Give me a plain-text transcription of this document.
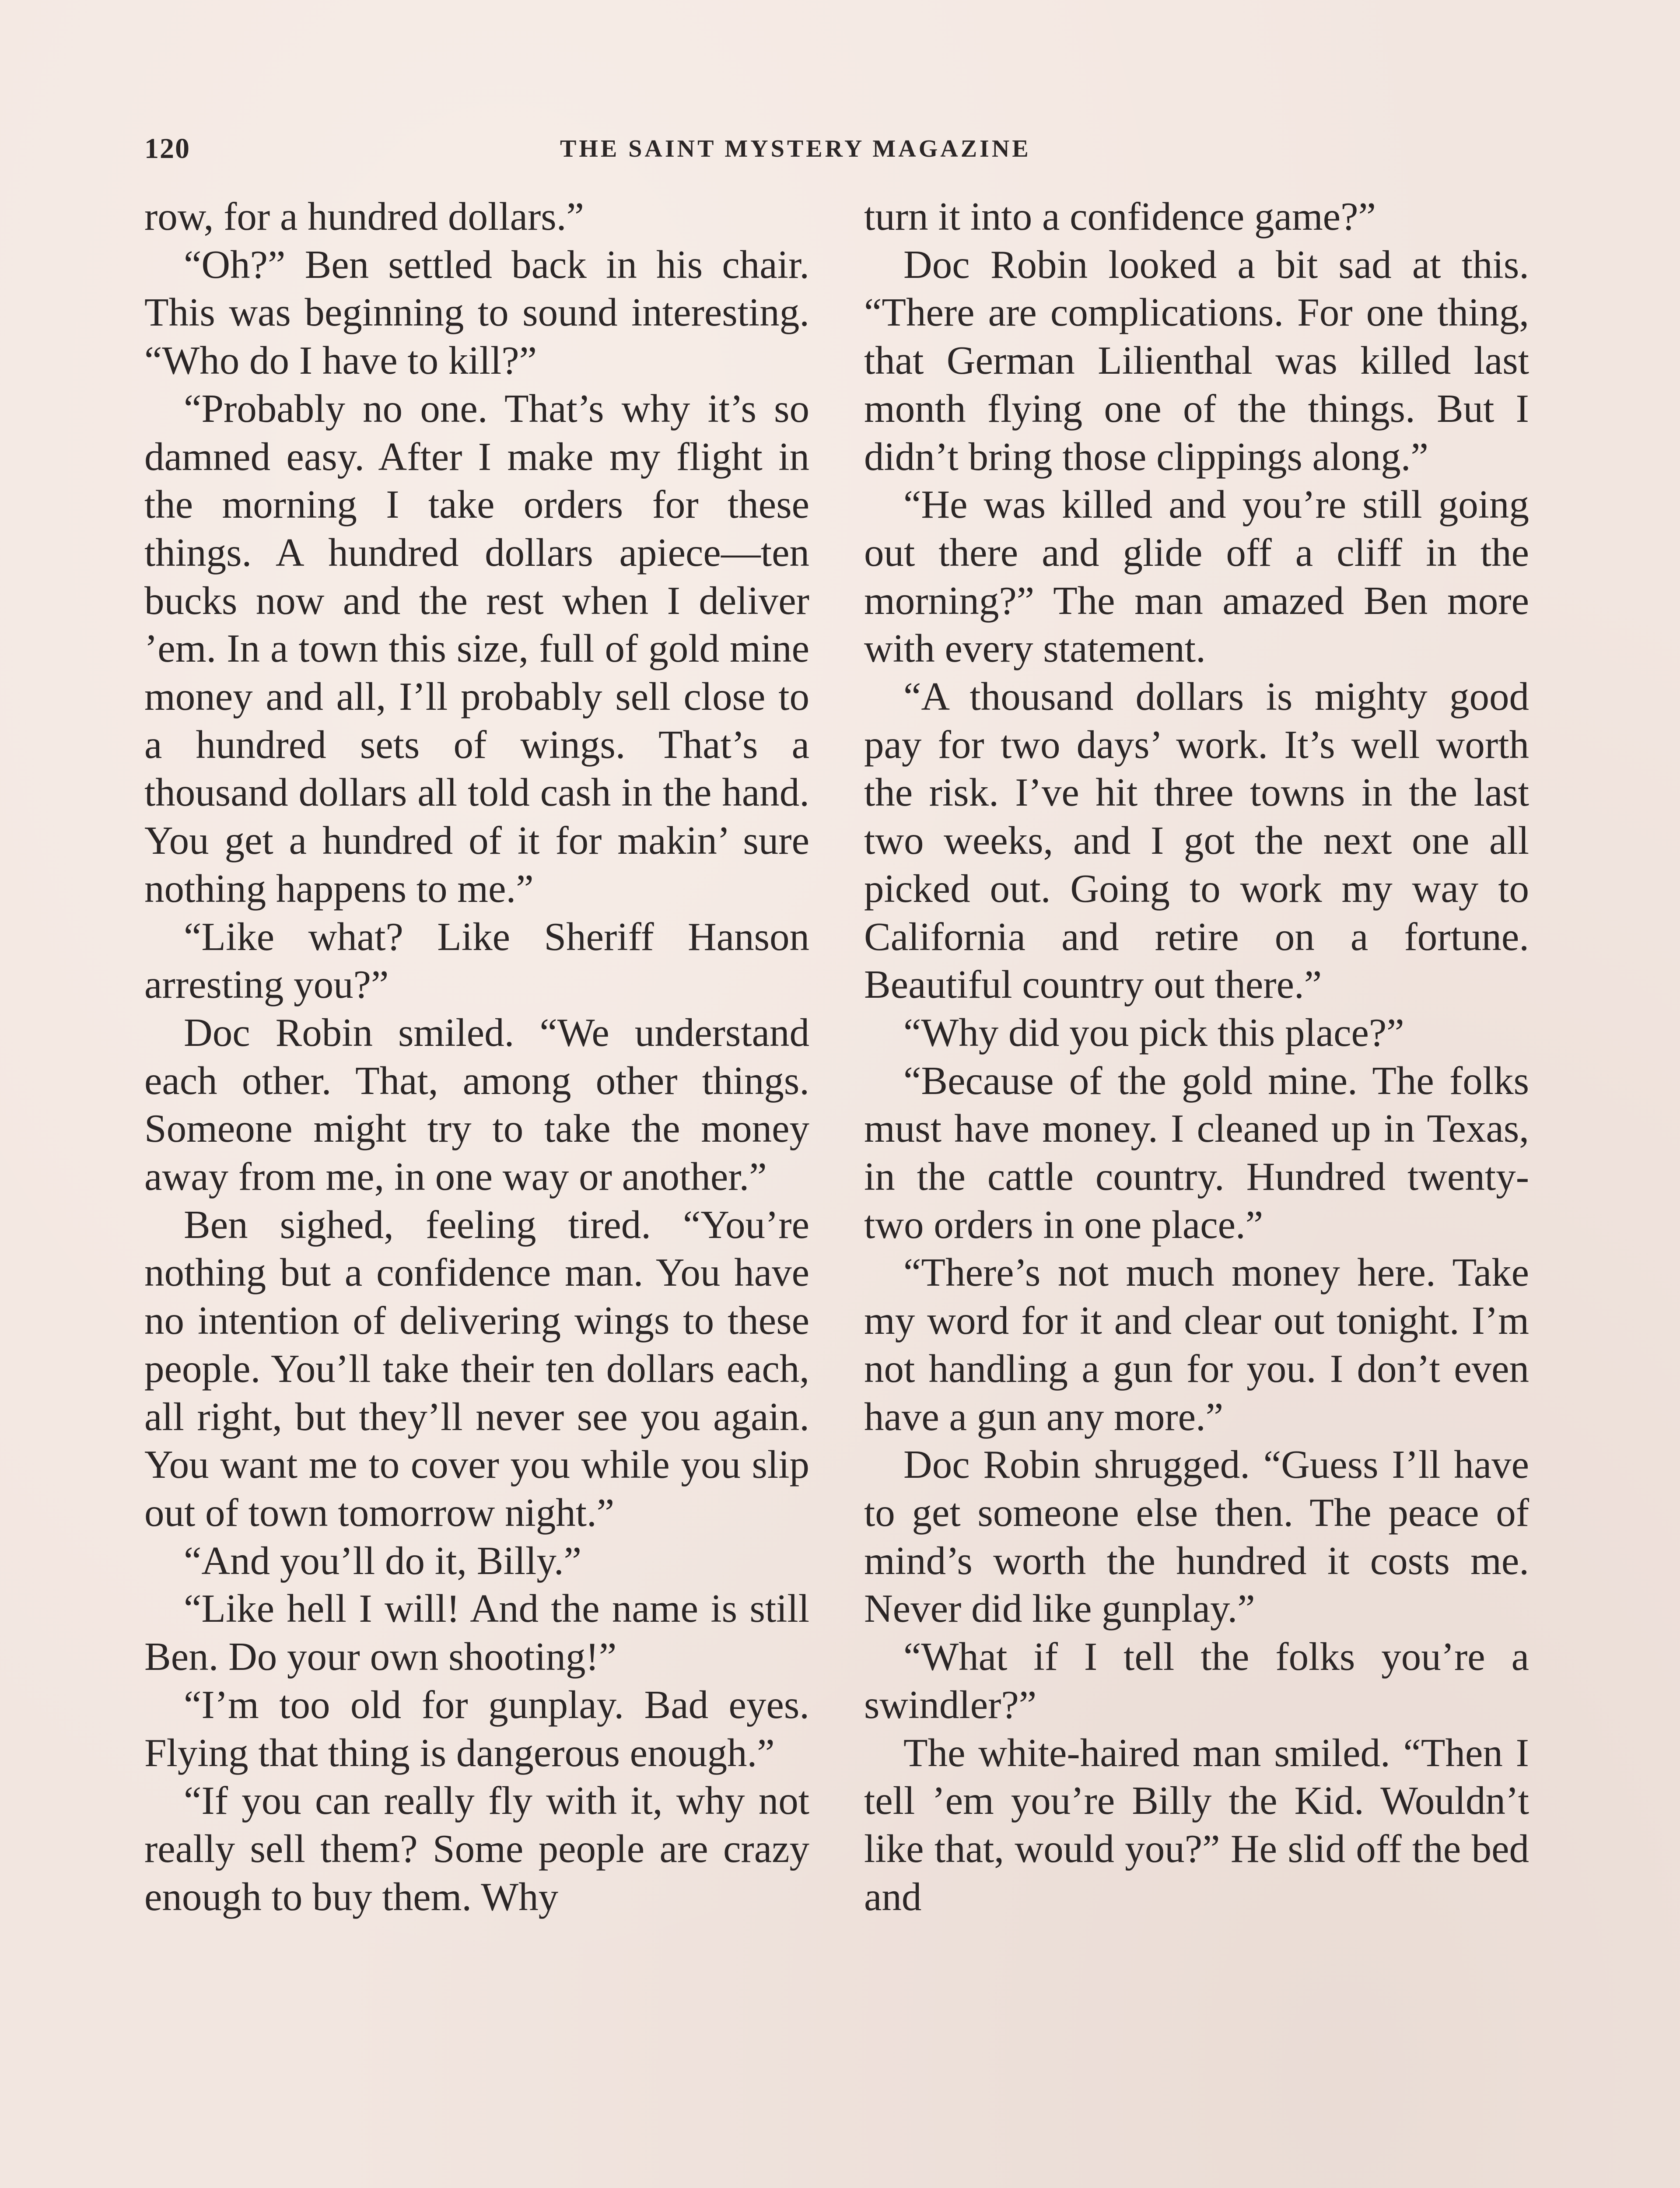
120	THE SAINT MYSTERY MAGAZINE

row, for a hundred dollars.”

“Oh?” Ben settled back in his chair. This was beginning to sound interesting. “Who do I have to kill?”

“Probably no one. That’s why it’s so damned easy. After I make my flight in the morning I take orders for these things. A hundred dollars apiece—ten bucks now and the rest when I deliver ’em. In a town this size, full of gold mine money and all, I’ll probably sell close to a hundred sets of wings. That’s a thousand dollars all told cash in the hand. You get a hundred of it for makin’ sure nothing happens to me.”

“Like what? Like Sheriff Hanson arresting you?”

Doc Robin smiled. “We understand each other. That, among other things. Someone might try to take the money away from me, in one way or another.”

Ben sighed, feeling tired. “You’re nothing but a confidence man. You have no intention of delivering wings to these people. You’ll take their ten dollars each, all right, but they’ll never see you again. You want me to cover you while you slip out of town tomorrow night.”

“And you’ll do it, Billy.”

“Like hell I will! And the name is still Ben. Do your own shooting!”

“I’m too old for gunplay. Bad eyes. Flying that thing is dangerous enough.”

“If you can really fly with it, why not really sell them? Some people are crazy enough to buy them. Why

turn it into a confidence game?”

Doc Robin looked a bit sad at this. “There are complications. For one thing, that German Lilienthal was killed last month flying one of the things. But I didn’t bring those clippings along.”

“He was killed and you’re still going out there and glide off a cliff in the morning?” The man amazed Ben more with every statement.

“A thousand dollars is mighty good pay for two days’ work. It’s well worth the risk. I’ve hit three towns in the last two weeks, and I got the next one all picked out. Going to work my way to California and retire on a fortune. Beautiful country out there.”

“Why did you pick this place?”

“Because of the gold mine. The folks must have money. I cleaned up in Texas, in the cattle country. Hundred twenty-two orders in one place.”

“There’s not much money here. Take my word for it and clear out tonight. I’m not handling a gun for you. I don’t even have a gun any more.”

Doc Robin shrugged. “Guess I’ll have to get someone else then. The peace of mind’s worth the hundred it costs me. Never did like gunplay.”

“What if I tell the folks you’re a swindler?”

The white-haired man smiled. “Then I tell ’em you’re Billy the Kid. Wouldn’t like that, would you?” He slid off the bed and
